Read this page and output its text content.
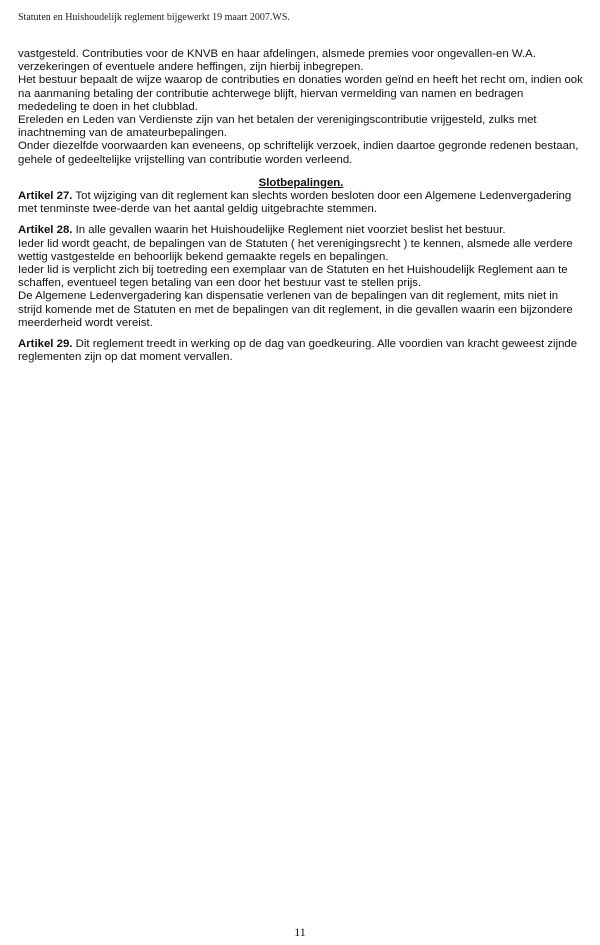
Statuten en Huishoudelijk reglement bijgewerkt 19 maart 2007.WS.

vastgesteld. Contributies voor de KNVB en haar afdelingen, alsmede premies voor ongevallen-en W.A. verzekeringen of eventuele andere heffingen, zijn hierbij inbegrepen.

Het bestuur bepaalt de wijze waarop de contributies en donaties worden geïnd en heeft het recht om, indien ook na aanmaning betaling der contributie achterwege blijft, hiervan vermelding van namen en bedragen mededeling te doen in het clubblad.

Ereleden en Leden van Verdienste zijn van het betalen der verenigingscontributie vrijgesteld, zulks met inachtneming van de amateurbepalingen.

Onder diezelfde voorwaarden kan eveneens, op schriftelijk verzoek, indien daartoe gegronde redenen bestaan, gehele of gedeeltelijke vrijstelling van contributie worden verleend.

Slotbepalingen.

Artikel 27. Tot wijziging van dit reglement kan slechts worden besloten door een Algemene Ledenvergadering met tenminste twee-derde van het aantal geldig uitgebrachte stemmen.

Artikel 28. In alle gevallen waarin het Huishoudelijke Reglement niet voorziet beslist het bestuur.

Ieder lid wordt geacht, de bepalingen van de Statuten ( het verenigingsrecht ) te kennen, alsmede alle verdere wettig vastgestelde en behoorlijk bekend gemaakte regels en bepalingen.

Ieder lid is verplicht zich bij toetreding een exemplaar van de Statuten en het Huishoudelijk Reglement aan te schaffen, eventueel tegen betaling van een door het bestuur vast te stellen prijs.

De Algemene Ledenvergadering kan dispensatie verlenen van de bepalingen van dit reglement, mits niet in strijd komende met de Statuten en met de bepalingen van dit reglement, in die gevallen waarin een bijzondere meerderheid wordt vereist.

Artikel 29. Dit reglement treedt in werking op de dag van goedkeuring. Alle voordien van kracht geweest zijnde reglementen zijn op dat moment vervallen.

11
